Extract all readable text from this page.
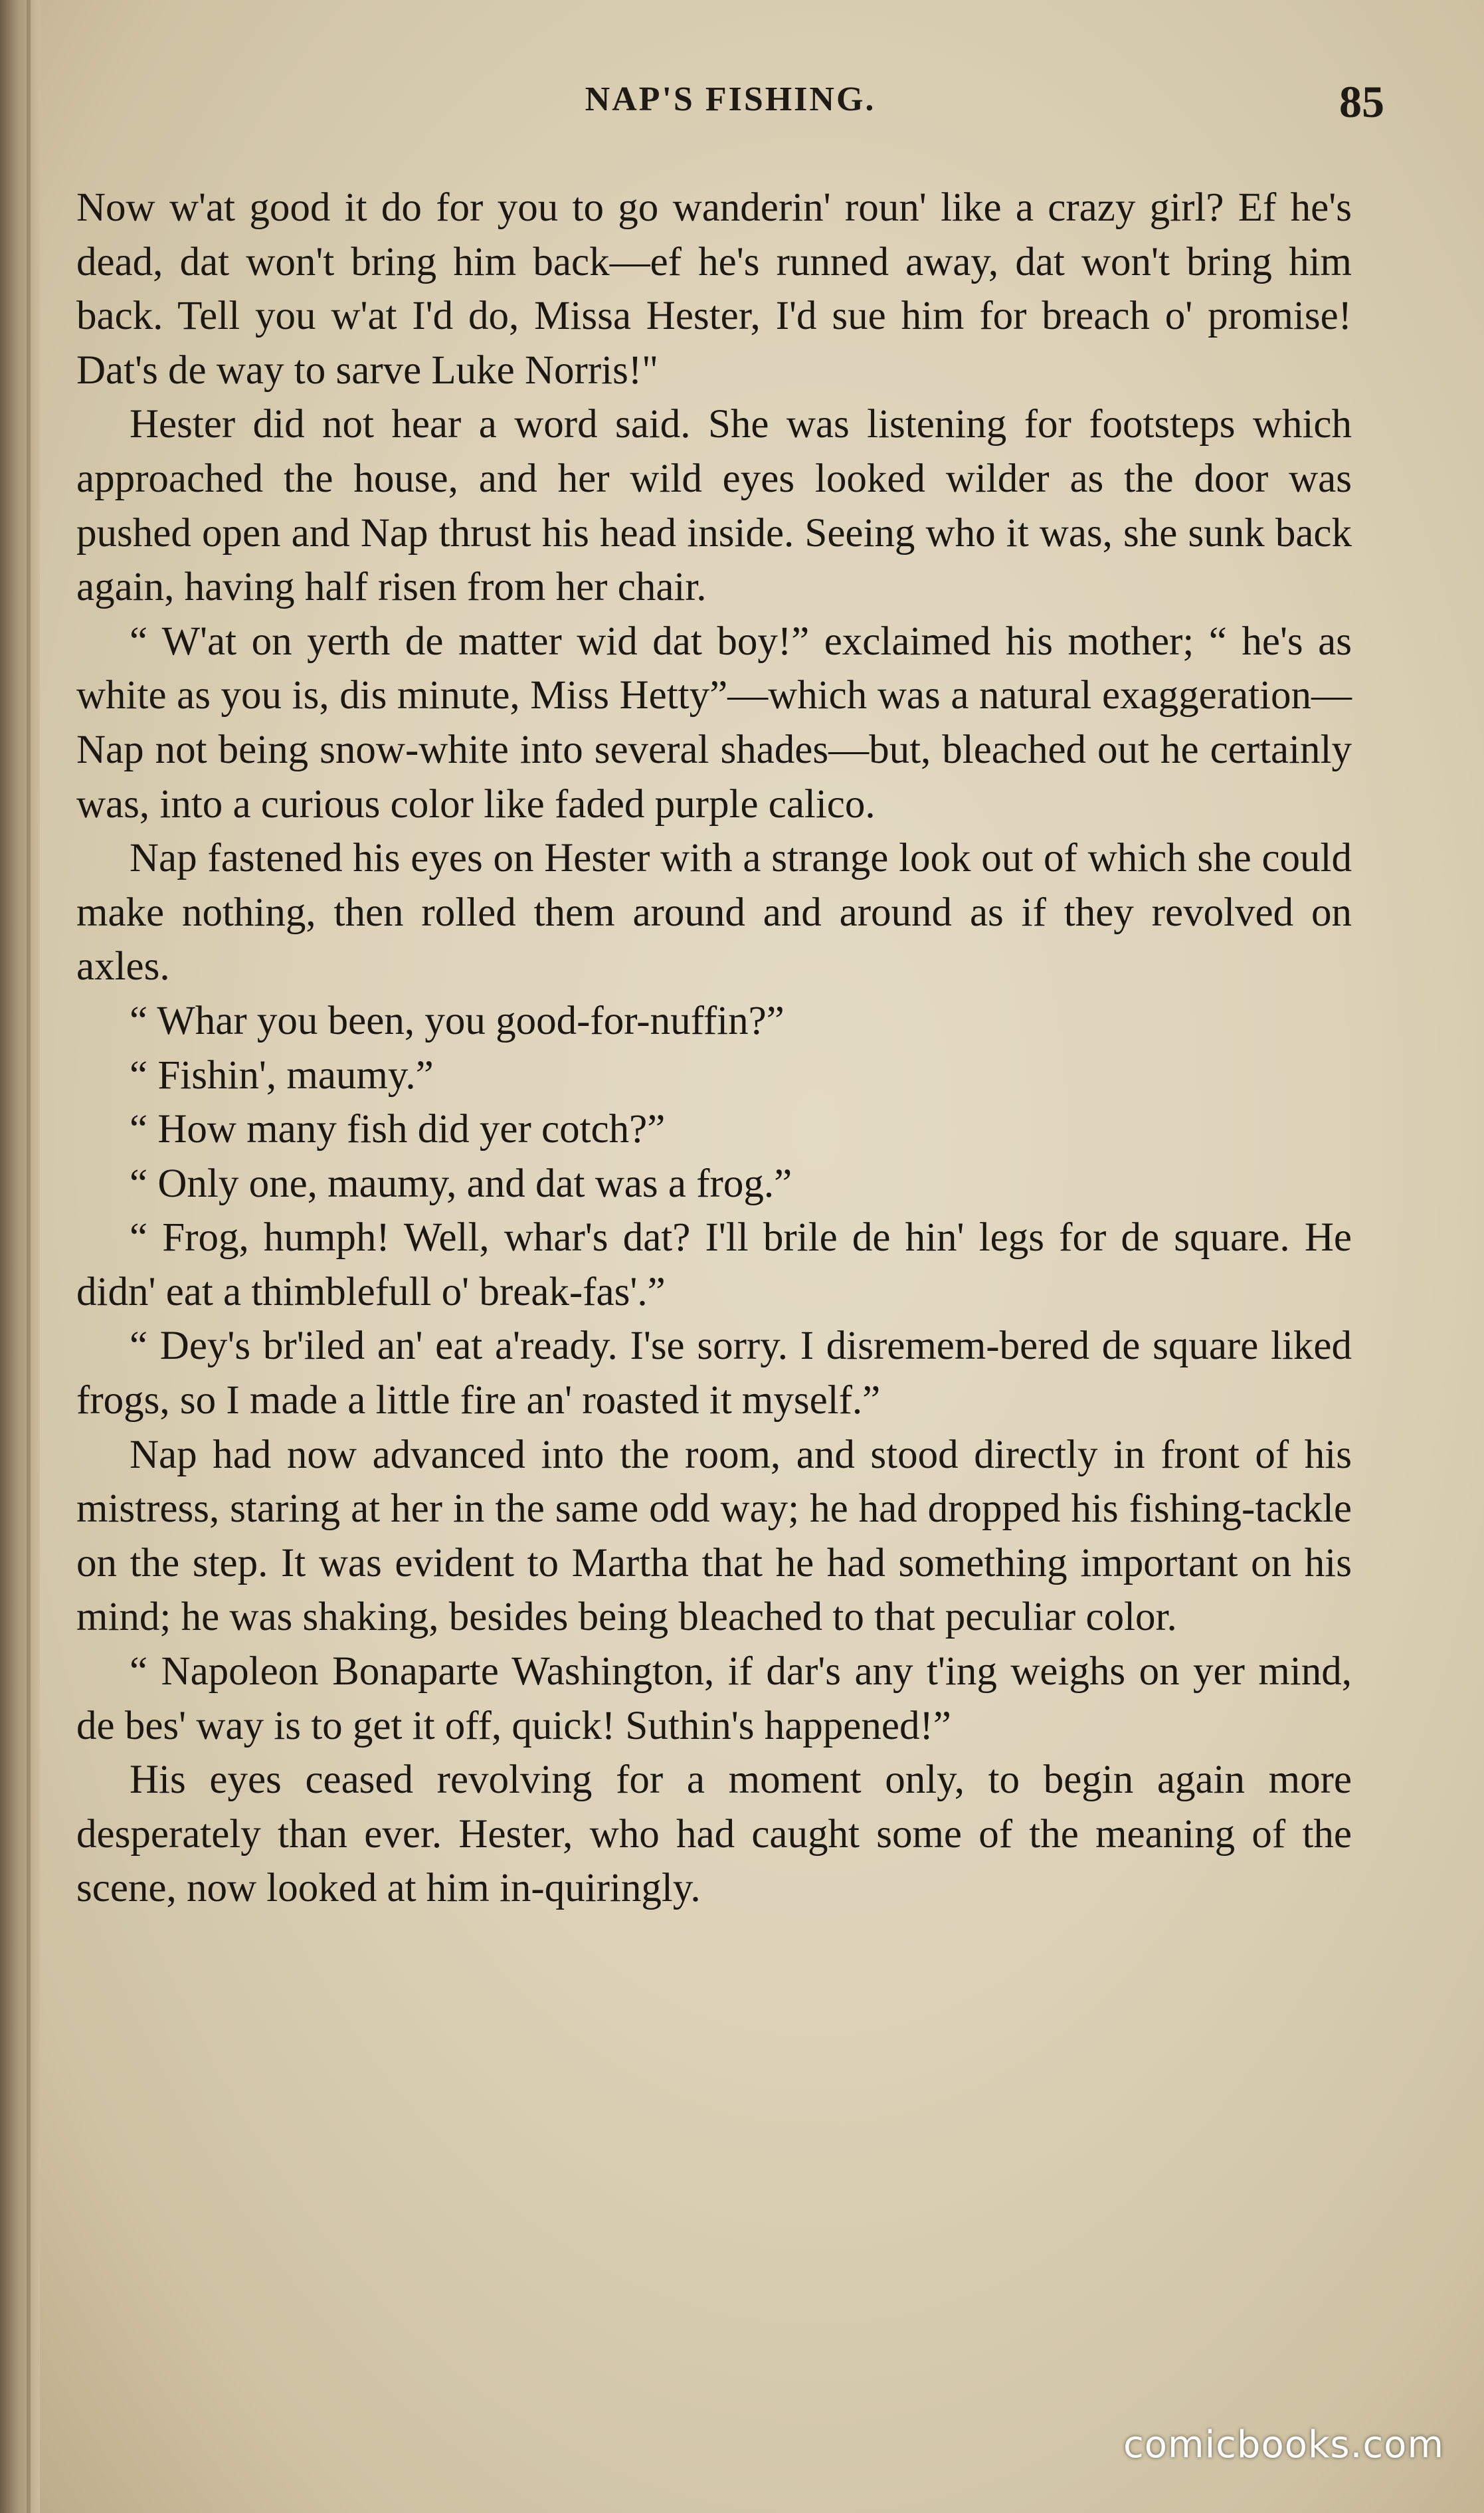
NAP'S FISHING.	85

Now w'at good it do for you to go wanderin' roun' like a crazy girl? Ef he's dead, dat won't bring him back—ef he's runned away, dat won't bring him back. Tell you w'at I'd do, Missa Hester, I'd sue him for breach o' promise! Dat's de way to sarve Luke Norris!"

Hester did not hear a word said. She was listening for footsteps which approached the house, and her wild eyes looked wilder as the door was pushed open and Nap thrust his head inside. Seeing who it was, she sunk back again, having half risen from her chair.

“ W'at on yerth de matter wid dat boy!” exclaimed his mother; “ he's as white as you is, dis minute, Miss Hetty”—which was a natural exaggeration—Nap not being snow-white into several shades—but, bleached out he certainly was, into a curious color like faded purple calico.

Nap fastened his eyes on Hester with a strange look out of which she could make nothing, then rolled them around and around as if they revolved on axles.

“ Whar you been, you good-for-nuffin?”

“ Fishin', maumy.”

“ How many fish did yer cotch?”

“ Only one, maumy, and dat was a frog.”

“ Frog, humph! Well, whar's dat? I'll brile de hin' legs for de square. He didn' eat a thimblefull o' break-fas'.”

“ Dey's br'iled an' eat a'ready. I'se sorry. I disremem-bered de square liked frogs, so I made a little fire an' roasted it myself.”

Nap had now advanced into the room, and stood directly in front of his mistress, staring at her in the same odd way; he had dropped his fishing-tackle on the step. It was evident to Martha that he had something important on his mind; he was shaking, besides being bleached to that peculiar color.

“ Napoleon Bonaparte Washington, if dar's any t'ing weighs on yer mind, de bes' way is to get it off, quick! Suthin's happened!”

His eyes ceased revolving for a moment only, to begin again more desperately than ever. Hester, who had caught some of the meaning of the scene, now looked at him in-quiringly.

comicbooks.com
